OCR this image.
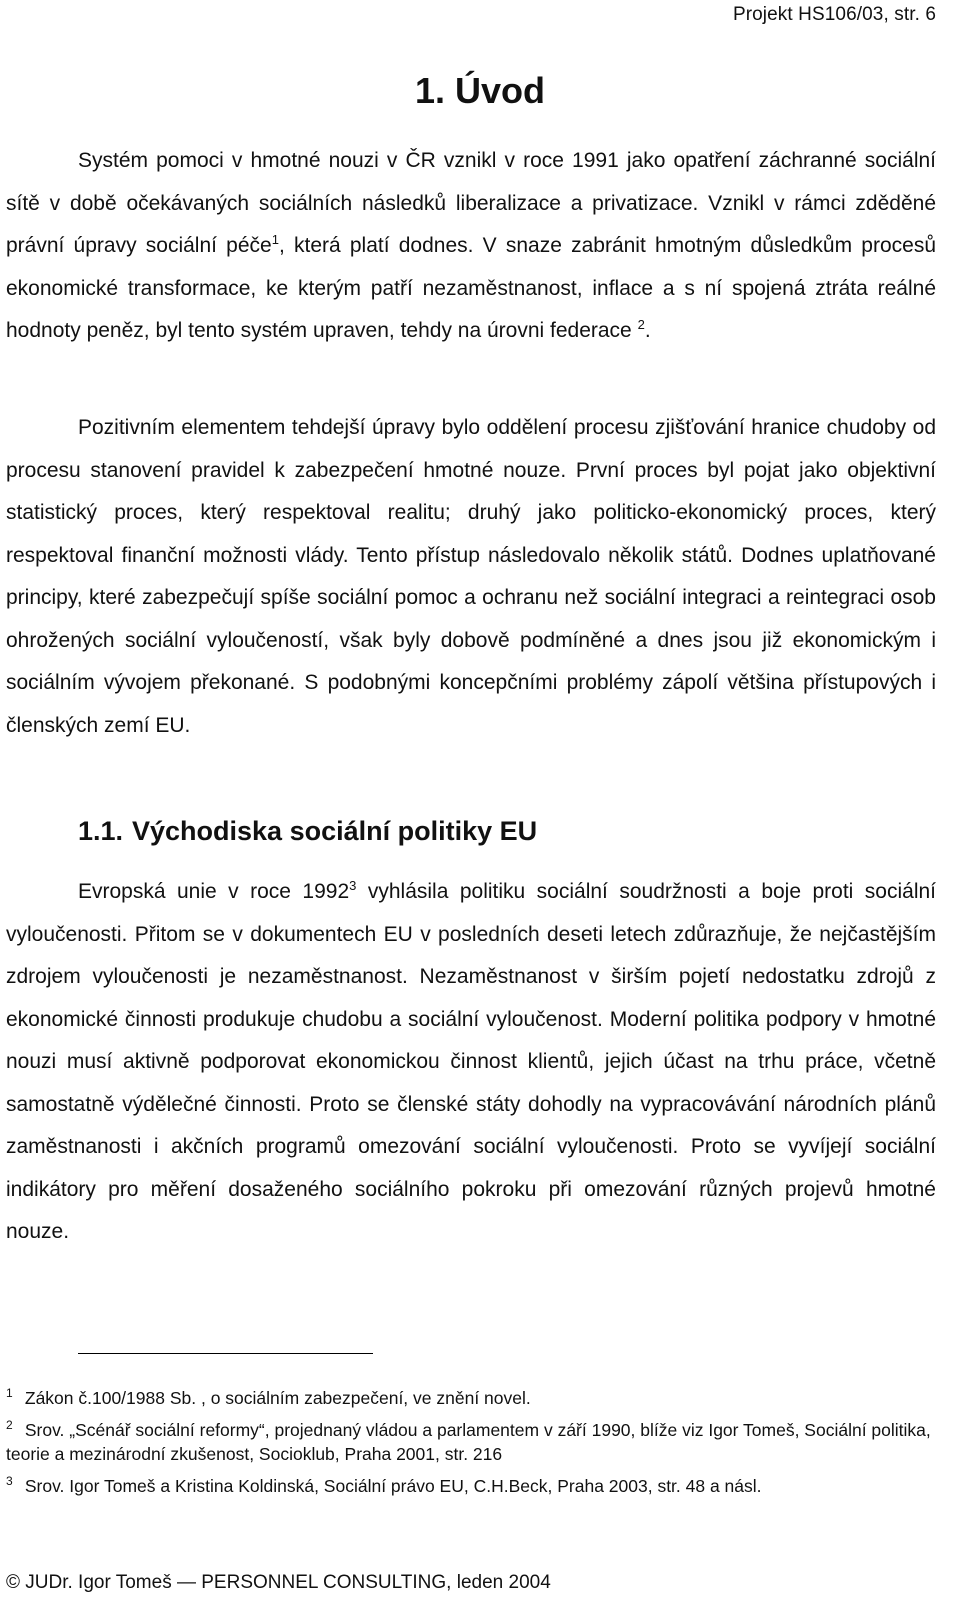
Projekt HS106/03, str. 6
1. Úvod

Systém pomoci v hmotné nouzi v ČR vznikl v roce 1991 jako opatření záchranné sociální sítě v době očekávaných sociálních následků liberalizace a privatizace. Vznikl v rámci zděděné právní úpravy sociální péče$^1$, která platí dodnes. V snaze zabránit hmotným důsledkům procesů ekonomické transformace, ke kterým patří nezaměstnanost, inflace a s ní spojená ztráta reálné hodnoty peněz, byl tento systém upraven, tehdy na úrovni federace $^2$.

Pozitivním elementem tehdejší úpravy bylo oddělení procesu zjišťování hranice chudoby od procesu stanovení pravidel k zabezpečení hmotné nouze. První proces byl pojat jako objektivní statistický proces, který respektoval realitu; druhý jako politicko-ekonomický proces, který respektoval finanční možnosti vlády. Tento přístup následovalo několik států. Dodnes uplatňované principy, které zabezpečují spíše sociální pomoc a ochranu než sociální integraci a reintegraci osob ohrožených sociální vyloučeností, však byly dobově podmíněné a dnes jsou již ekonomickým i sociálním vývojem překonané. S podobnými koncepčními problémy zápolí většina přístupových i členských zemí EU.

1.1. Východiska sociální politiky EU

Evropská unie v roce 1992$^3$ vyhlásila politiku sociální soudržnosti a boje proti sociální vyloučenosti. Přitom se v dokumentech EU v posledních deseti letech zdůrazňuje, že nejčastějším zdrojem vyloučenosti je nezaměstnanost. Nezaměstnanost v širším pojetí nedostatku zdrojů z ekonomické činnosti produkuje chudobu a sociální vyloučenost. Moderní politika podpory v hmotné nouzi musí aktivně podporovat ekonomickou činnost klientů, jejich účast na trhu práce, včetně samostatně výdělečné činnosti. Proto se členské státy dohodly na vypracovávání národních plánů zaměstnanosti i akčních programů omezování sociální vyloučenosti. Proto se vyvíjejí sociální indikátory pro měření dosaženého sociálního pokroku při omezování různých projevů hmotné nouze.

$^1$ Zákon č.100/1988 Sb. , o sociálním zabezpečení, ve znění novel.

$^2$ Srov. „Scénář sociální reformy“, projednaný vládou a parlamentem v září 1990, blíže viz Igor Tomeš, Sociální politika, teorie a mezinárodní zkušenost, Socioklub, Praha 2001, str. 216

$^3$ Srov. Igor Tomeš a Kristina Koldinská, Sociální právo EU, C.H.Beck, Praha 2003, str. 48 a násl.

© JUDr. Igor Tomeš — PERSONNEL CONSULTING, leden 2004
